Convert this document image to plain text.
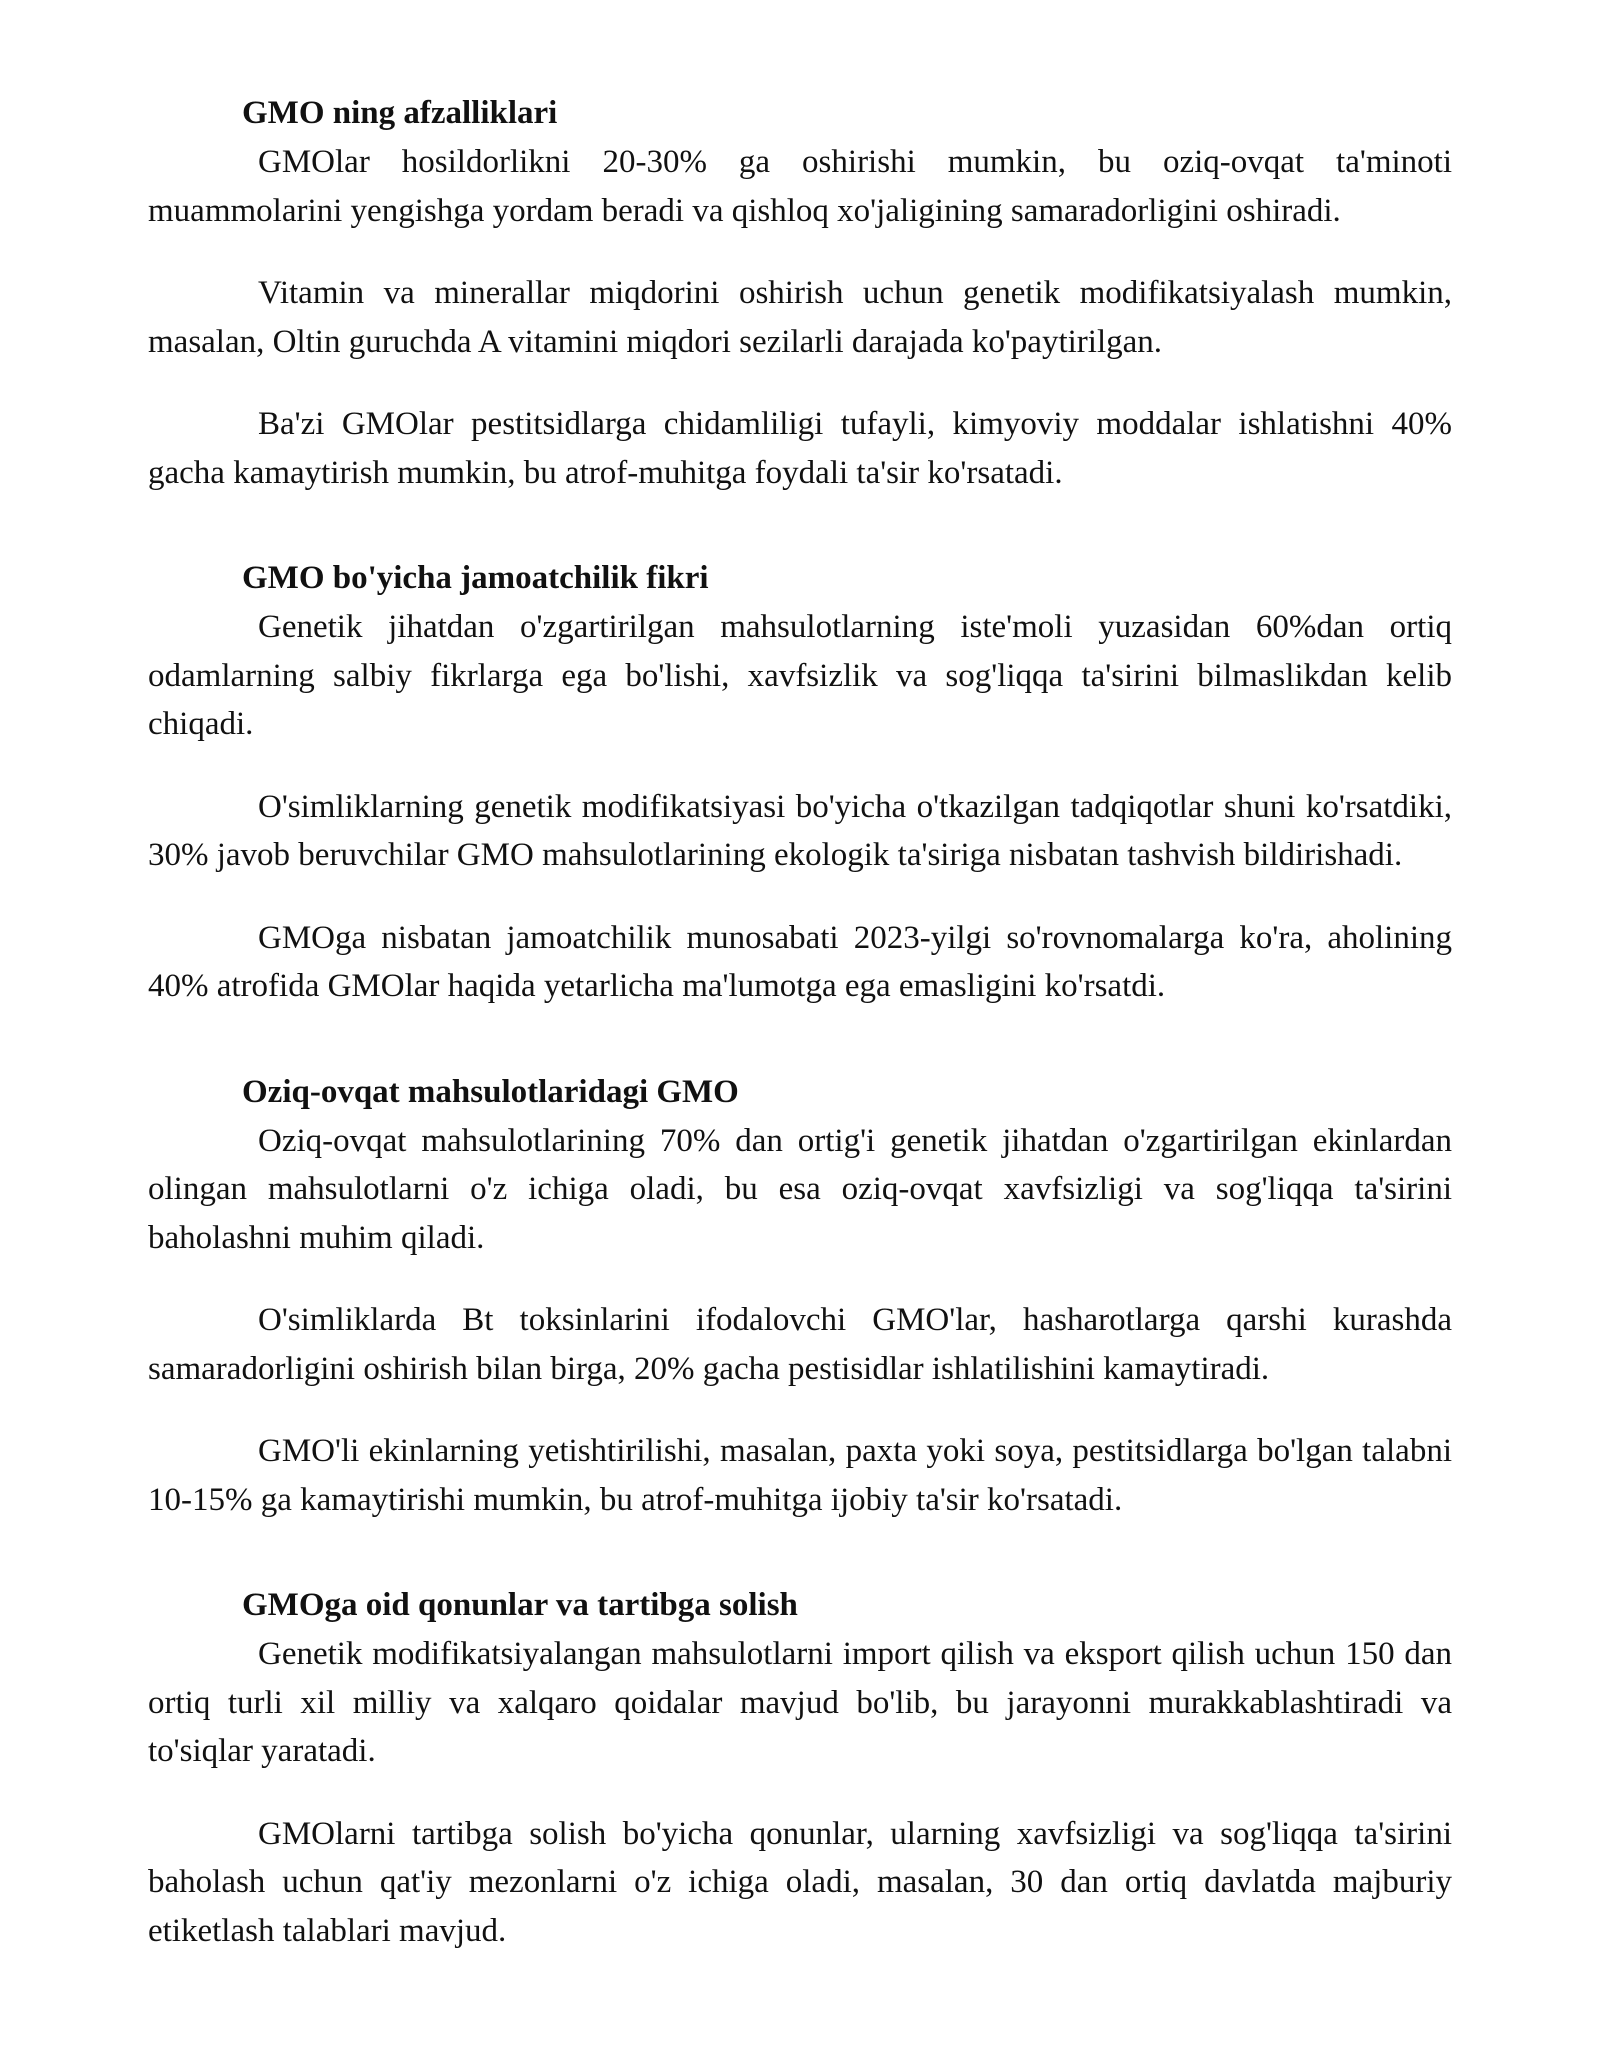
GMO ning afzalliklari

GMOlar hosildorlikni 20-30% ga oshirishi mumkin, bu oziq-ovqat ta'minoti muammolarini yengishga yordam beradi va qishloq xo'jaligining samaradorligini oshiradi.

Vitamin va minerallar miqdorini oshirish uchun genetik modifikatsiyalash mumkin, masalan, Oltin guruchda A vitamini miqdori sezilarli darajada ko'paytirilgan.

Ba'zi GMOlar pestitsidlarga chidamliligi tufayli, kimyoviy moddalar ishlatishni 40% gacha kamaytirish mumkin, bu atrof-muhitga foydali ta'sir ko'rsatadi.

GMO bo'yicha jamoatchilik fikri

Genetik jihatdan o'zgartirilgan mahsulotlarning iste'moli yuzasidan 60%dan ortiq odamlarning salbiy fikrlarga ega bo'lishi, xavfsizlik va sog'liqqa ta'sirini bilmaslikdan kelib chiqadi.

O'simliklarning genetik modifikatsiyasi bo'yicha o'tkazilgan tadqiqotlar shuni ko'rsatdiki, 30% javob beruvchilar GMO mahsulotlarining ekologik ta'siriga nisbatan tashvish bildirishadi.

GMOga nisbatan jamoatchilik munosabati 2023-yilgi so'rovnomalarga ko'ra, aholining 40% atrofida GMOlar haqida yetarlicha ma'lumotga ega emasligini ko'rsatdi.

Oziq-ovqat mahsulotlaridagi GMO

Oziq-ovqat mahsulotlarining 70% dan ortig'i genetik jihatdan o'zgartirilgan ekinlardan olingan mahsulotlarni o'z ichiga oladi, bu esa oziq-ovqat xavfsizligi va sog'liqqa ta'sirini baholashni muhim qiladi.

O'simliklarda Bt toksinlarini ifodalovchi GMO'lar, hasharotlarga qarshi kurashda samaradorligini oshirish bilan birga, 20% gacha pestisidlar ishlatilishini kamaytiradi.

GMO'li ekinlarning yetishtirilishi, masalan, paxta yoki soya, pestitsidlarga bo'lgan talabni 10-15% ga kamaytirishi mumkin, bu atrof-muhitga ijobiy ta'sir ko'rsatadi.

GMOga oid qonunlar va tartibga solish

Genetik modifikatsiyalangan mahsulotlarni import qilish va eksport qilish uchun 150 dan ortiq turli xil milliy va xalqaro qoidalar mavjud bo'lib, bu jarayonni murakkablashtiradi va to'siqlar yaratadi.

GMOlarni tartibga solish bo'yicha qonunlar, ularning xavfsizligi va sog'liqqa ta'sirini baholash uchun qat'iy mezonlarni o'z ichiga oladi, masalan, 30 dan ortiq davlatda majburiy etiketlash talablari mavjud.
